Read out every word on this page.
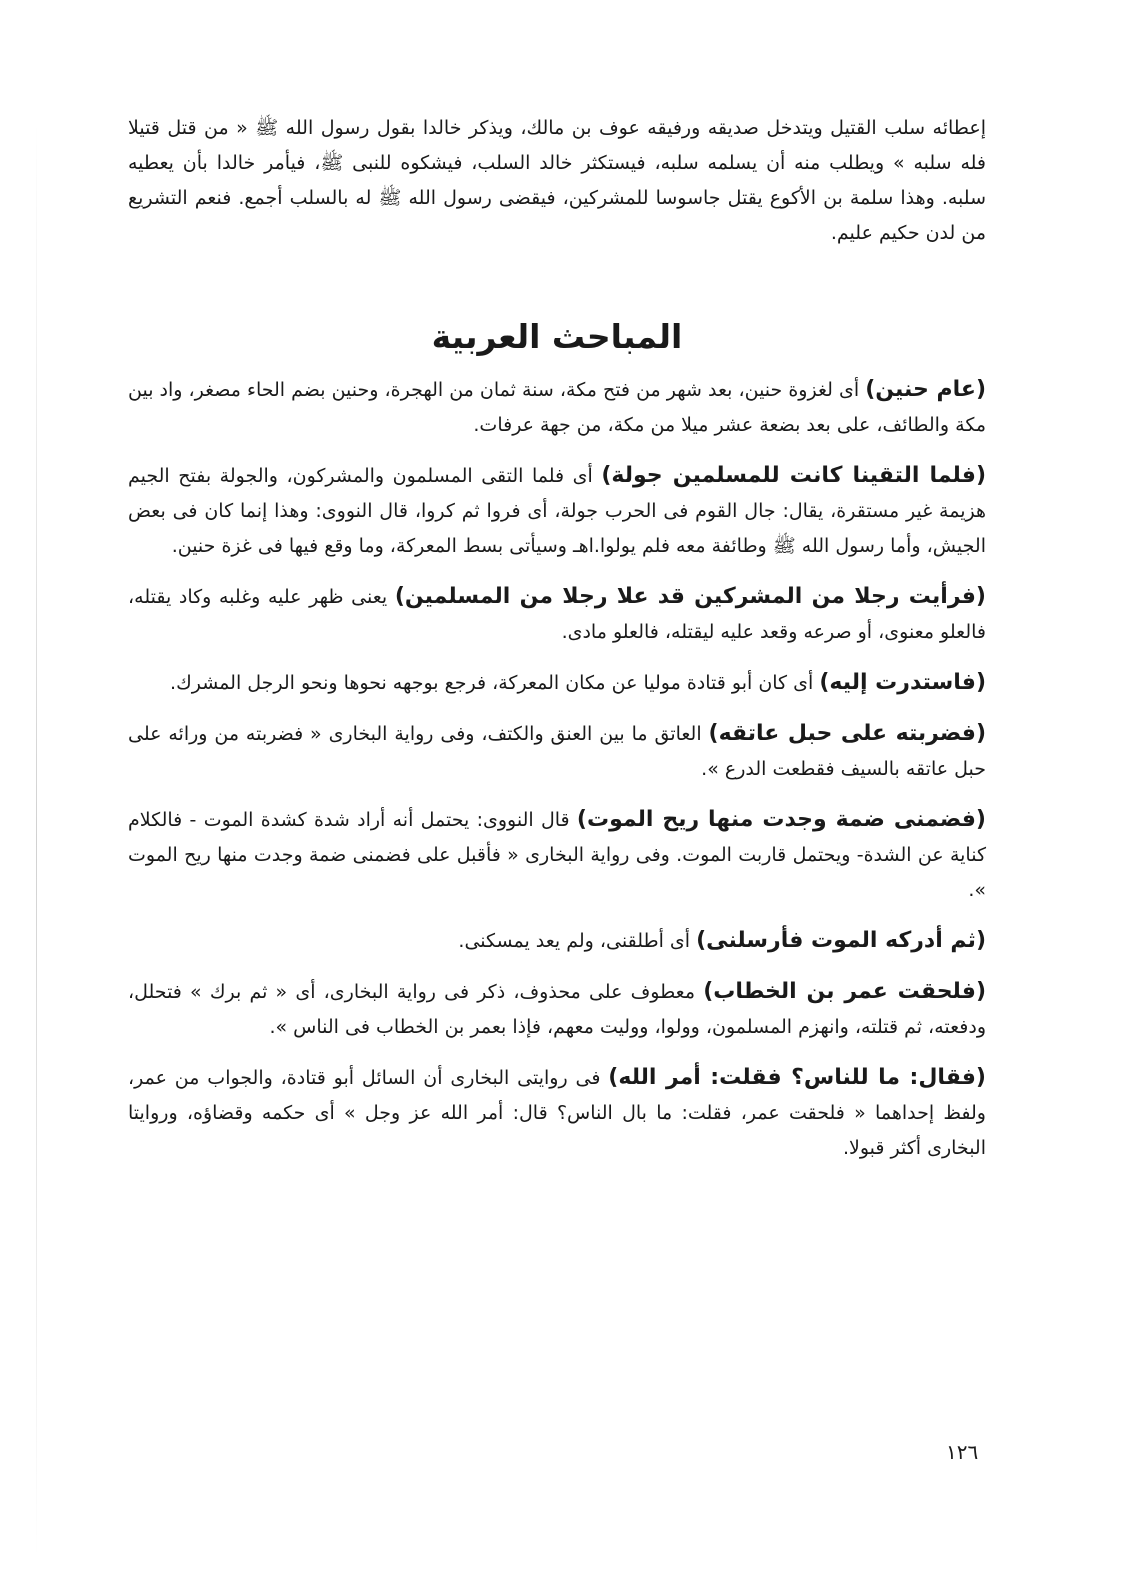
إعطائه سلب القتيل ويتدخل صديقه ورفيقه عوف بن مالك، ويذكر خالدا بقول رسول الله ﷺ « من قتل قتيلا فله سلبه » ويطلب منه أن يسلمه سلبه، فيستكثر خالد السلب، فيشكوه للنبى ﷺ، فيأمر خالدا بأن يعطيه سلبه. وهذا سلمة بن الأكوع يقتل جاسوسا للمشركين، فيقضى رسول الله ﷺ له بالسلب أجمع. فنعم التشريع من لدن حكيم عليم.

المباحث العربية

(عام حنين) أى لغزوة حنين، بعد شهر من فتح مكة، سنة ثمان من الهجرة، وحنين بضم الحاء مصغر، واد بين مكة والطائف، على بعد بضعة عشر ميلا من مكة، من جهة عرفات.

(فلما التقينا كانت للمسلمين جولة) أى فلما التقى المسلمون والمشركون، والجولة بفتح الجيم هزيمة غير مستقرة، يقال: جال القوم فى الحرب جولة، أى فروا ثم كروا، قال النووى: وهذا إنما كان فى بعض الجيش، وأما رسول الله ﷺ وطائفة معه فلم يولوا.اهـ وسيأتى بسط المعركة، وما وقع فيها فى غزة حنين.

(فرأيت رجلا من المشركين قد علا رجلا من المسلمين) يعنى ظهر عليه وغلبه وكاد يقتله، فالعلو معنوى، أو صرعه وقعد عليه ليقتله، فالعلو مادى.

(فاستدرت إليه) أى كان أبو قتادة موليا عن مكان المعركة، فرجع بوجهه نحوها ونحو الرجل المشرك.

(فضربته على حبل عاتقه) العاتق ما بين العنق والكتف، وفى رواية البخارى « فضربته من ورائه على حبل عاتقه بالسيف فقطعت الدرع ».

(فضمنى ضمة وجدت منها ريح الموت) قال النووى: يحتمل أنه أراد شدة كشدة الموت - فالكلام كناية عن الشدة- ويحتمل قاربت الموت. وفى رواية البخارى « فأقبل على فضمنى ضمة وجدت منها ريح الموت ».

(ثم أدركه الموت فأرسلنى) أى أطلقنى، ولم يعد يمسكنى.

(فلحقت عمر بن الخطاب) معطوف على محذوف، ذكر فى رواية البخارى، أى « ثم برك » فتحلل، ودفعته، ثم قتلته، وانهزم المسلمون، وولوا، ووليت معهم، فإذا بعمر بن الخطاب فى الناس ».

(فقال: ما للناس؟ فقلت: أمر الله) فى روايتى البخارى أن السائل أبو قتادة، والجواب من عمر، ولفظ إحداهما « فلحقت عمر، فقلت: ما بال الناس؟ قال: أمر الله عز وجل » أى حكمه وقضاؤه، وروايتا البخارى أكثر قبولا.

١٢٦
